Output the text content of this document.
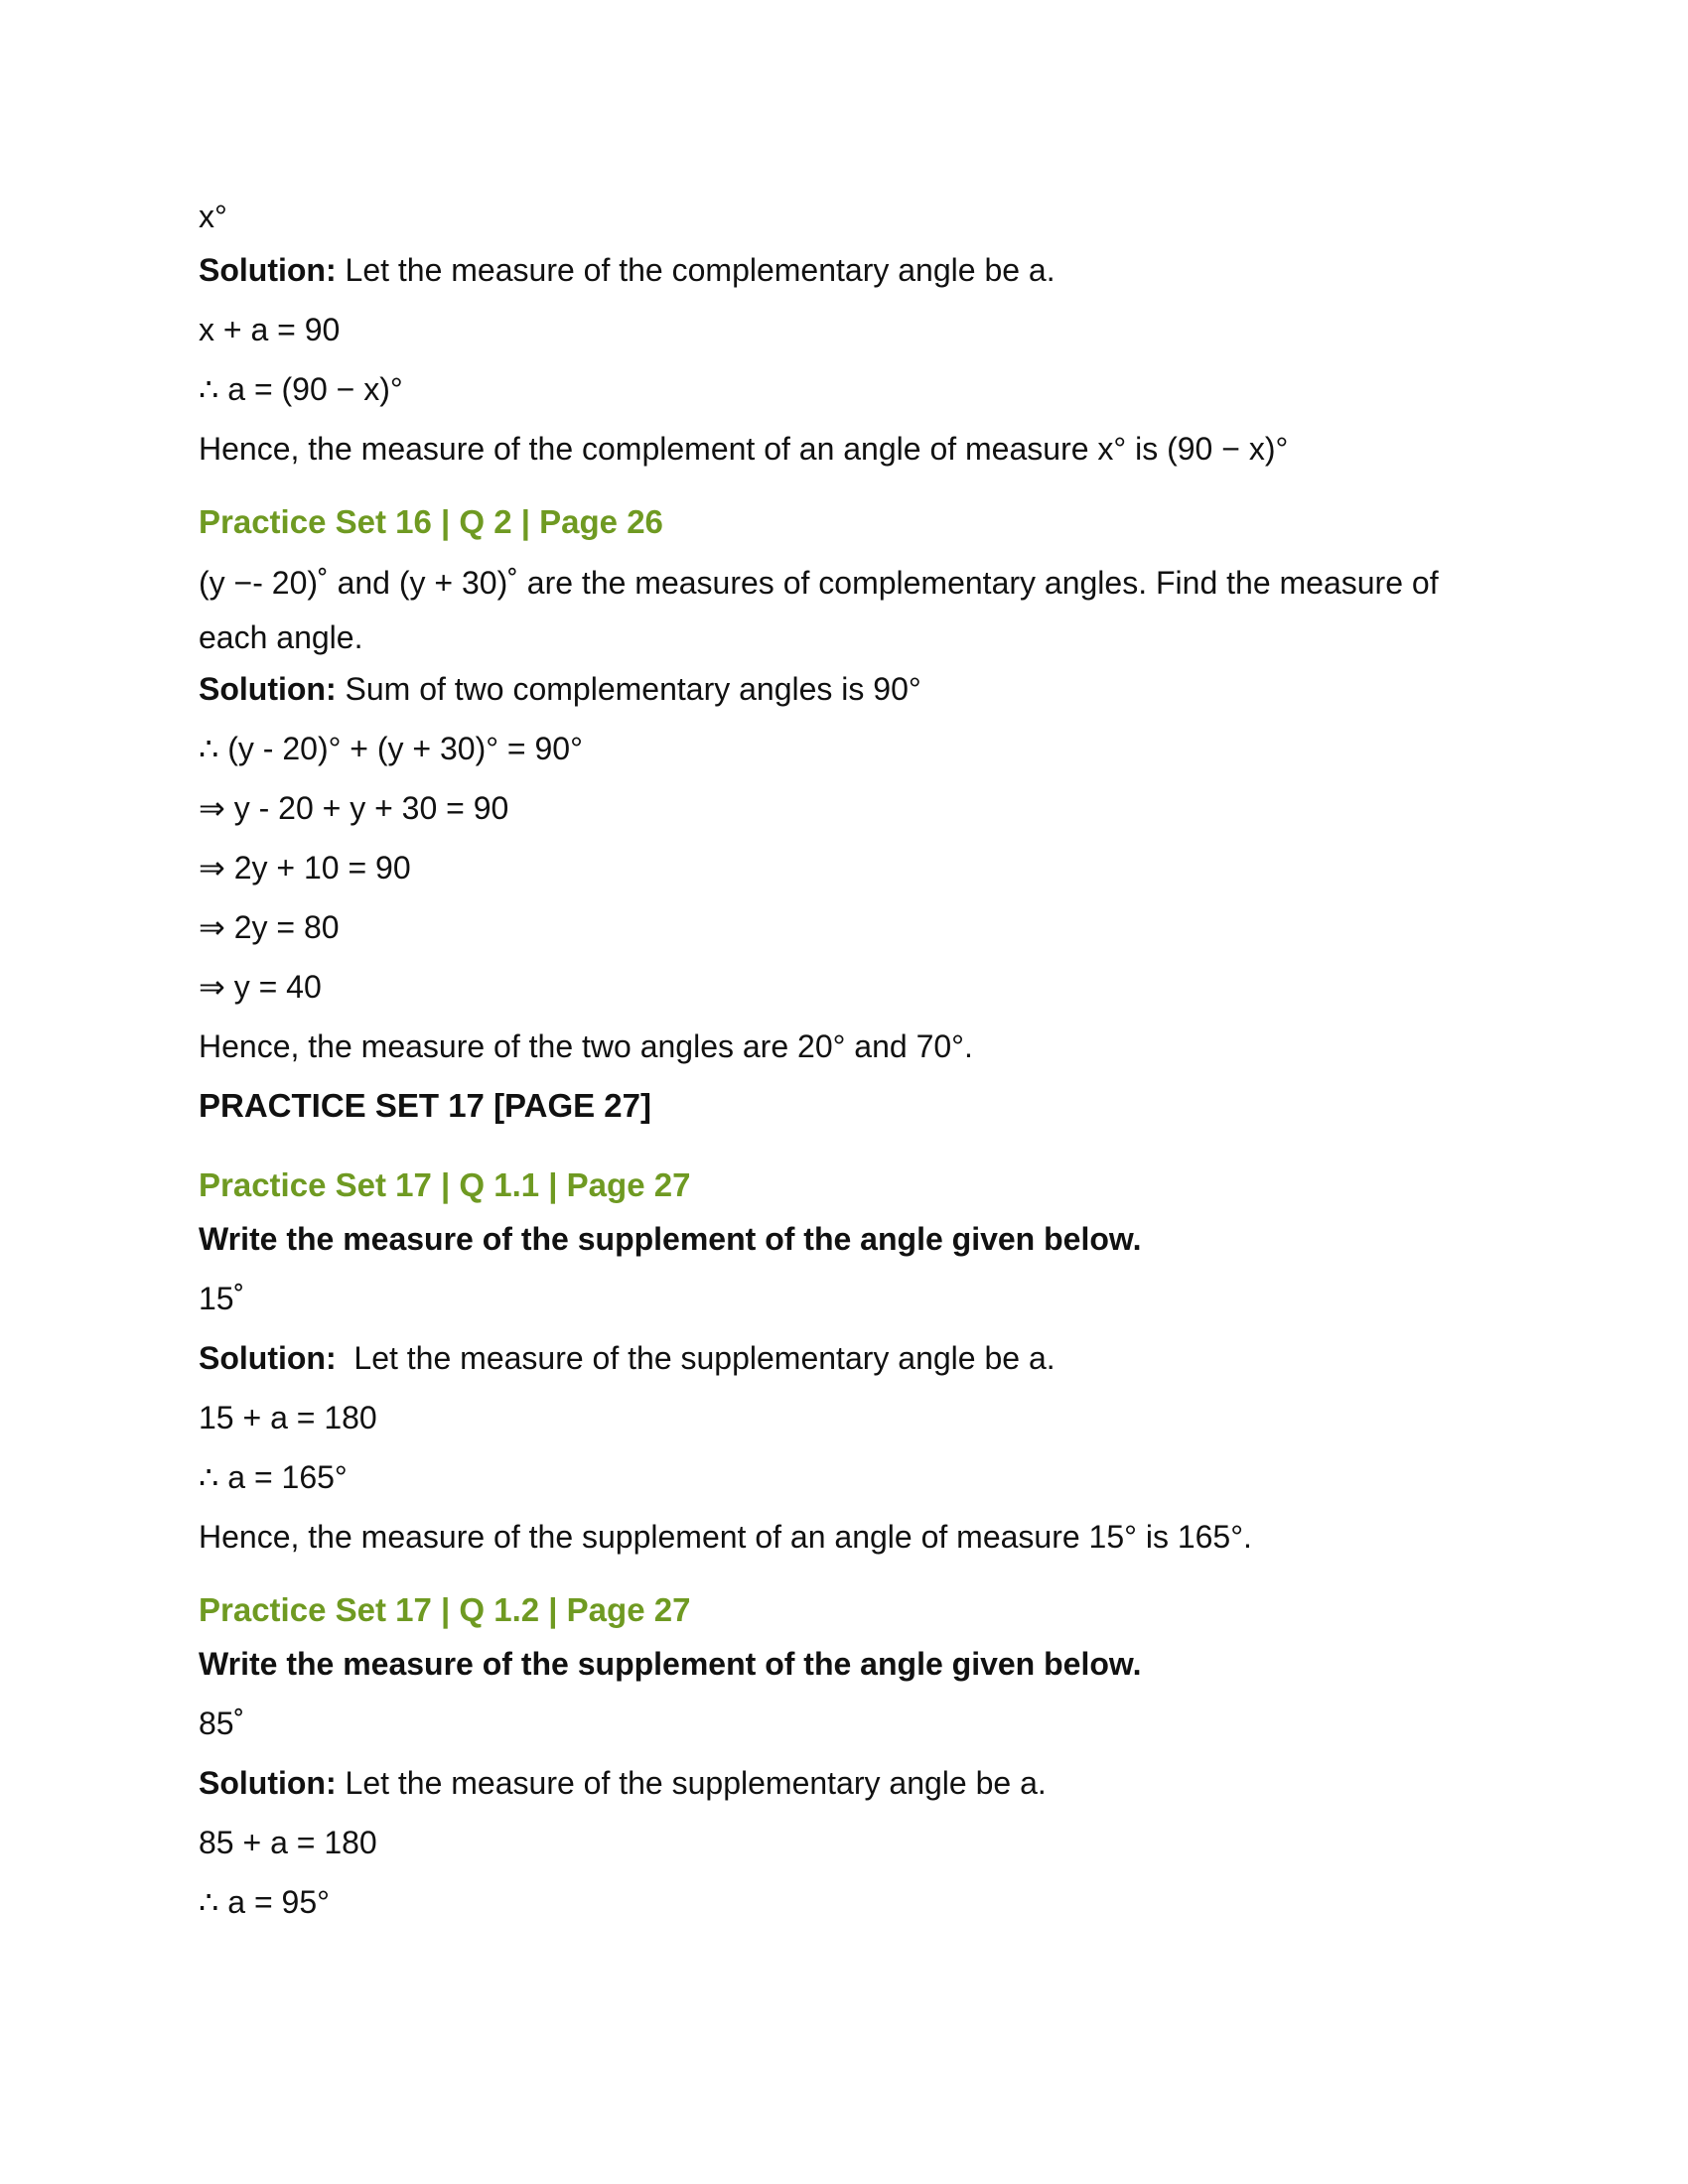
x°
Solution: Let the measure of the complementary angle be a.
x + a = 90
∴ a = (90 − x)°
Hence, the measure of the complement of an angle of measure x° is (90 − x)°
Practice Set 16 | Q 2 | Page 26
(y −- 20)˚ and (y + 30)˚ are the measures of complementary angles. Find the measure of each angle.
Solution: Sum of two complementary angles is 90°
∴ (y - 20)° + (y + 30)° = 90°
⇒ y - 20 + y + 30 = 90
⇒ 2y + 10 = 90
⇒ 2y = 80
⇒ y = 40
Hence, the measure of the two angles are 20° and 70°.
PRACTICE SET 17 [PAGE 27]
Practice Set 17 | Q 1.1 | Page 27
Write the measure of the supplement of the angle given below.
15˚
Solution:  Let the measure of the supplementary angle be a.
15 + a = 180
∴ a = 165°
Hence, the measure of the supplement of an angle of measure 15° is 165°.
Practice Set 17 | Q 1.2 | Page 27
Write the measure of the supplement of the angle given below.
85˚
Solution: Let the measure of the supplementary angle be a.
85 + a = 180
∴ a = 95°
